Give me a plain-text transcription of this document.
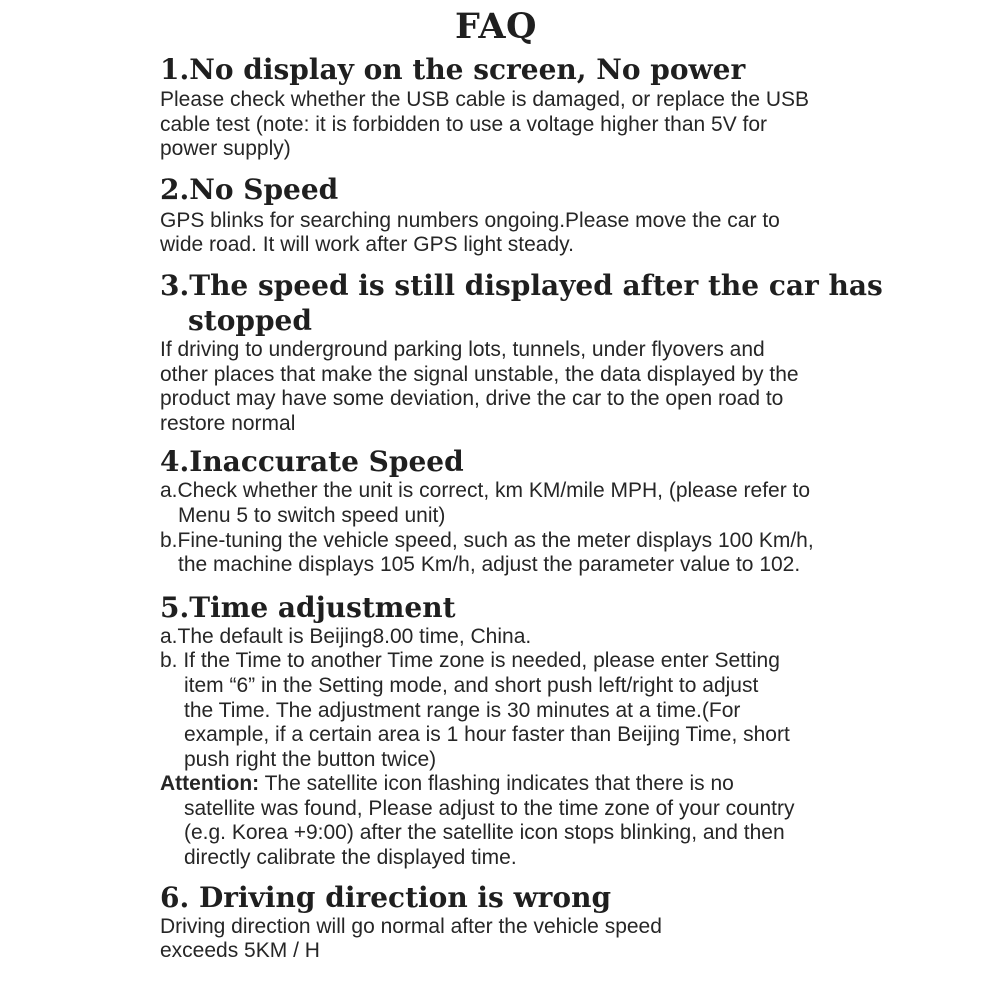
FAQ
1.No display on the screen, No power
Please check whether the USB cable is damaged, or replace the USB
cable test (note: it is forbidden to use a voltage higher than 5V for
power supply)
2.No Speed
GPS blinks for searching numbers ongoing.Please move the car to
wide road. It will work after GPS light steady.
3.The speed is still displayed after the car has
stopped
If driving to underground parking lots, tunnels, under flyovers and
other places that make the signal unstable, the data displayed by the
product may have some deviation, drive the car to the open road to
restore normal
4.Inaccurate Speed
a.Check whether the unit is correct, km KM/mile MPH, (please refer to
Menu 5 to switch speed unit)
b.Fine-tuning the vehicle speed, such as the meter displays 100 Km/h,
the machine displays 105 Km/h, adjust the parameter value to 102.
5.Time adjustment
a.The default is Beijing8.00 time, China.
b. If the Time to another Time zone is needed, please enter Setting
item “6” in the Setting mode, and short push left/right to adjust
the Time. The adjustment range is 30 minutes at a time.(For
example, if a certain area is 1 hour faster than Beijing Time, short
push right the button twice)
Attention: The satellite icon flashing indicates that there is no
satellite was found, Please adjust to the time zone of your country
(e.g. Korea +9:00) after the satellite icon stops blinking, and then
directly calibrate the displayed time.
6. Driving direction is wrong
Driving direction will go normal after the vehicle speed
exceeds 5KM / H
